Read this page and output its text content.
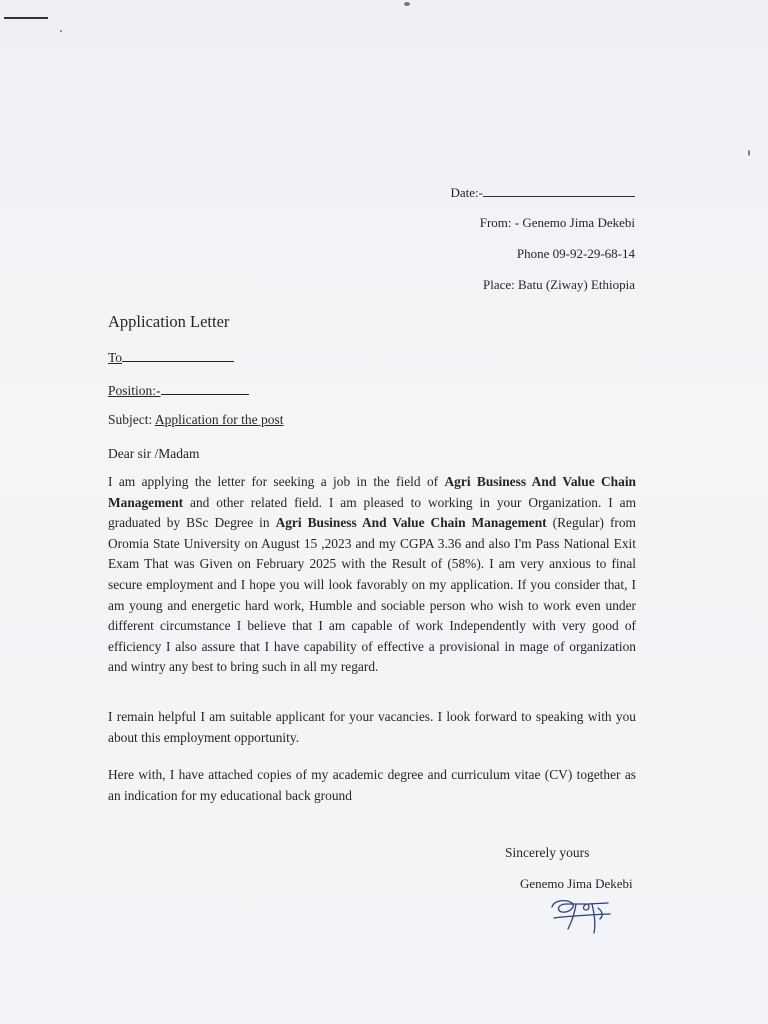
Date:-
From: - Genemo Jima Dekebi
Phone 09-92-29-68-14
Place: Batu (Ziway) Ethiopia
Application Letter
To
Position:-
Subject: Application for the post
Dear sir /Madam
I am applying the letter for seeking a job in the field of Agri Business And Value Chain Management and other related field. I am pleased to working in your Organization. I am graduated by BSc Degree in Agri Business And Value Chain Management (Regular) from Oromia State University on August 15 ,2023 and my CGPA 3.36 and also I'm Pass National Exit Exam That was Given on February 2025 with the Result of (58%). I am very anxious to final secure employment and I hope you will look favorably on my application. If you consider that, I am young and energetic hard work, Humble and sociable person who wish to work even under different circumstance I believe that I am capable of work Independently with very good of efficiency I also assure that I have capability of effective a provisional in mage of organization and wintry any best to bring such in all my regard.
I remain helpful I am suitable applicant for your vacancies. I look forward to speaking with you about this employment opportunity.
Here with, I have attached copies of my academic degree and curriculum vitae (CV) together as an indication for my educational back ground
Sincerely yours
Genemo Jima Dekebi
